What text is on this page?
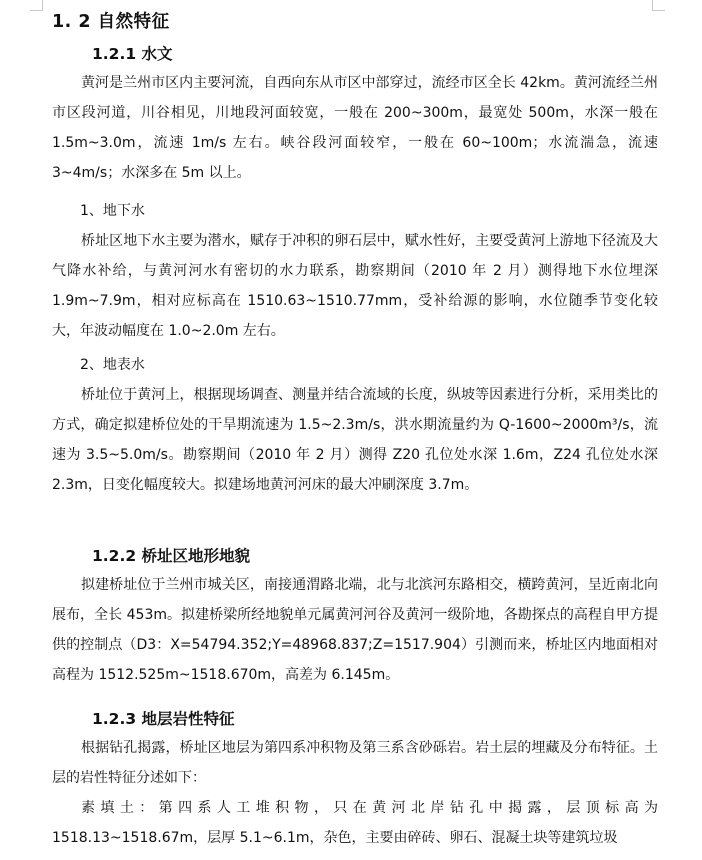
1. 2 自然特征
1.2.1 水文
黄河是兰州市区内主要河流，自西向东从市区中部穿过，流经市区全长 42km。黄河流经兰州市区段河道，川谷相见，川地段河面较宽，一般在 200~300m，最宽处 500m，水深一般在 1.5m~3.0m，流速 1m/s 左右。峡谷段河面较窄，一般在 60~100m；水流湍急，流速 3~4m/s；水深多在 5m 以上。
1、地下水
桥址区地下水主要为潜水，赋存于冲积的卵石层中，赋水性好，主要受黄河上游地下径流及大气降水补给，与黄河河水有密切的水力联系，勘察期间（2010 年 2 月）测得地下水位埋深 1.9m~7.9m，相对应标高在 1510.63~1510.77mm，受补给源的影响，水位随季节变化较大，年波动幅度在 1.0~2.0m 左右。
2、地表水
桥址位于黄河上，根据现场调查、测量并结合流域的长度，纵坡等因素进行分析，采用类比的方式，确定拟建桥位处的干旱期流速为 1.5~2.3m/s，洪水期流量约为 Q-1600~2000m³/s，流速为 3.5~5.0m/s。勘察期间（2010 年 2 月）测得 Z20 孔位处水深 1.6m，Z24 孔位处水深 2.3m，日变化幅度较大。拟建场地黄河河床的最大冲刷深度 3.7m。
1.2.2 桥址区地形地貌
拟建桥址位于兰州市城关区，南接通渭路北端，北与北滨河东路相交，横跨黄河，呈近南北向展布，全长 453m。拟建桥梁所经地貌单元属黄河河谷及黄河一级阶地，各勘探点的高程自甲方提供的控制点（D3：X=54794.352;Y=48968.837;Z=1517.904）引测而来，桥址区内地面相对高程为 1512.525m~1518.670m，高差为 6.145m。
1.2.3 地层岩性特征
根据钻孔揭露，桥址区地层为第四系冲积物及第三系含砂砾岩。岩土层的埋藏及分布特征。土层的岩性特征分述如下：
素填土：第四系人工堆积物，只在黄河北岸钻孔中揭露，层顶标高为 1518.13~1518.67m，层厚 5.1~6.1m，杂色，主要由碎砖、卵石、混凝土块等建筑垃圾
